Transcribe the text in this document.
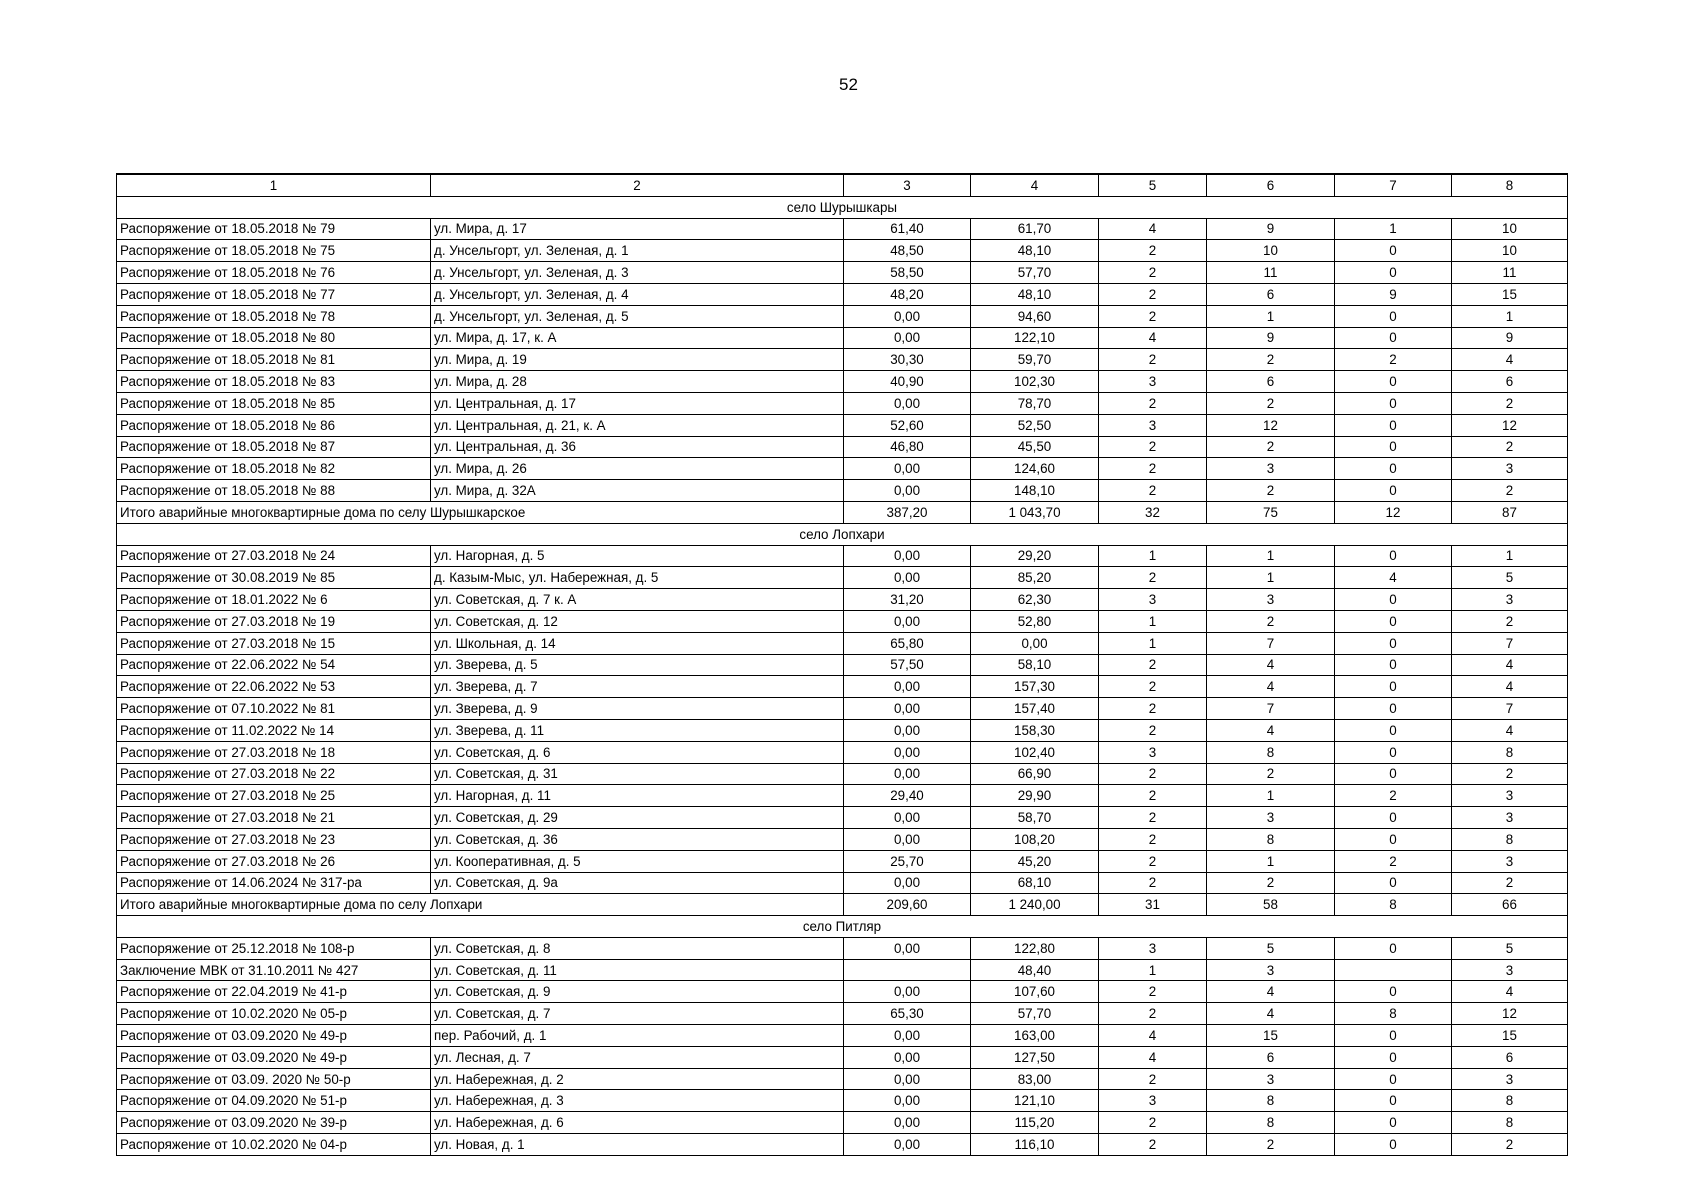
52
1	2	3	4	5	6	7	8
село Шурышкары							
Распоряжение от 18.05.2018 № 79	ул. Мира, д. 17	61,40	61,70	4	9	1	10
Распоряжение от 18.05.2018 № 75	д. Унсельгорт, ул. Зеленая, д. 1	48,50	48,10	2	10	0	10
Распоряжение от 18.05.2018 № 76	д. Унсельгорт, ул. Зеленая, д. 3	58,50	57,70	2	11	0	11
Распоряжение от 18.05.2018 № 77	д. Унсельгорт, ул. Зеленая, д. 4	48,20	48,10	2	6	9	15
Распоряжение от 18.05.2018 № 78	д. Унсельгорт, ул. Зеленая, д. 5	0,00	94,60	2	1	0	1
Распоряжение от 18.05.2018 № 80	ул. Мира, д. 17, к. А	0,00	122,10	4	9	0	9
Распоряжение от 18.05.2018 № 81	ул. Мира, д. 19	30,30	59,70	2	2	2	4
Распоряжение от 18.05.2018 № 83	ул. Мира, д. 28	40,90	102,30	3	6	0	6
Распоряжение от 18.05.2018 № 85	ул. Центральная, д. 17	0,00	78,70	2	2	0	2
Распоряжение от 18.05.2018 № 86	ул. Центральная, д. 21, к. А	52,60	52,50	3	12	0	12
Распоряжение от 18.05.2018 № 87	ул. Центральная, д. 36	46,80	45,50	2	2	0	2
Распоряжение от 18.05.2018 № 82	ул. Мира, д. 26	0,00	124,60	2	3	0	3
Распоряжение от 18.05.2018 № 88	ул. Мира, д. 32А	0,00	148,10	2	2	0	2
Итого аварийные многоквартирные дома по селу Шурышкарское		387,20	1 043,70	32	75	12	87
село Лопхари							
Распоряжение от 27.03.2018 № 24	ул. Нагорная, д. 5	0,00	29,20	1	1	0	1
Распоряжение от 30.08.2019 № 85	д. Казым-Мыс, ул. Набережная, д. 5	0,00	85,20	2	1	4	5
Распоряжение от 18.01.2022 № 6	ул. Советская, д. 7 к. А	31,20	62,30	3	3	0	3
Распоряжение от 27.03.2018 № 19	ул. Советская, д. 12	0,00	52,80	1	2	0	2
Распоряжение от 27.03.2018 № 15	ул. Школьная, д. 14	65,80	0,00	1	7	0	7
Распоряжение от 22.06.2022 № 54	ул. Зверева, д. 5	57,50	58,10	2	4	0	4
Распоряжение от 22.06.2022 № 53	ул. Зверева, д. 7	0,00	157,30	2	4	0	4
Распоряжение от 07.10.2022 № 81	ул. Зверева, д. 9	0,00	157,40	2	7	0	7
Распоряжение от 11.02.2022 № 14	ул. Зверева, д. 11	0,00	158,30	2	4	0	4
Распоряжение от 27.03.2018 № 18	ул. Советская, д. 6	0,00	102,40	3	8	0	8
Распоряжение от 27.03.2018 № 22	ул. Советская, д. 31	0,00	66,90	2	2	0	2
Распоряжение от 27.03.2018 № 25	ул. Нагорная, д. 11	29,40	29,90	2	1	2	3
Распоряжение от 27.03.2018 № 21	ул. Советская, д. 29	0,00	58,70	2	3	0	3
Распоряжение от 27.03.2018 № 23	ул. Советская, д. 36	0,00	108,20	2	8	0	8
Распоряжение от 27.03.2018 № 26	ул. Кооперативная, д. 5	25,70	45,20	2	1	2	3
Распоряжение от 14.06.2024 № 317-ра	ул. Советская, д. 9а	0,00	68,10	2	2	0	2
Итого аварийные многоквартирные дома по селу Лопхари		209,60	1 240,00	31	58	8	66
село Питляр							
Распоряжение от 25.12.2018 № 108-р	ул. Советская, д. 8	0,00	122,80	3	5	0	5
Заключение МВК от 31.10.2011 № 427	ул. Советская, д. 11		48,40	1	3		3
Распоряжение от 22.04.2019 № 41-р	ул. Советская, д. 9	0,00	107,60	2	4	0	4
Распоряжение от 10.02.2020 № 05-р	ул. Советская, д. 7	65,30	57,70	2	4	8	12
Распоряжение от 03.09.2020 № 49-р	пер. Рабочий, д. 1	0,00	163,00	4	15	0	15
Распоряжение от 03.09.2020 № 49-р	ул. Лесная, д. 7	0,00	127,50	4	6	0	6
Распоряжение от 03.09. 2020 № 50-р	ул. Набережная, д. 2	0,00	83,00	2	3	0	3
Распоряжение от 04.09.2020 № 51-р	ул. Набережная, д. 3	0,00	121,10	3	8	0	8
Распоряжение от 03.09.2020 № 39-р	ул. Набережная, д. 6	0,00	115,20	2	8	0	8
Распоряжение от 10.02.2020 № 04-р	ул. Новая, д. 1	0,00	116,10	2	2	0	2
